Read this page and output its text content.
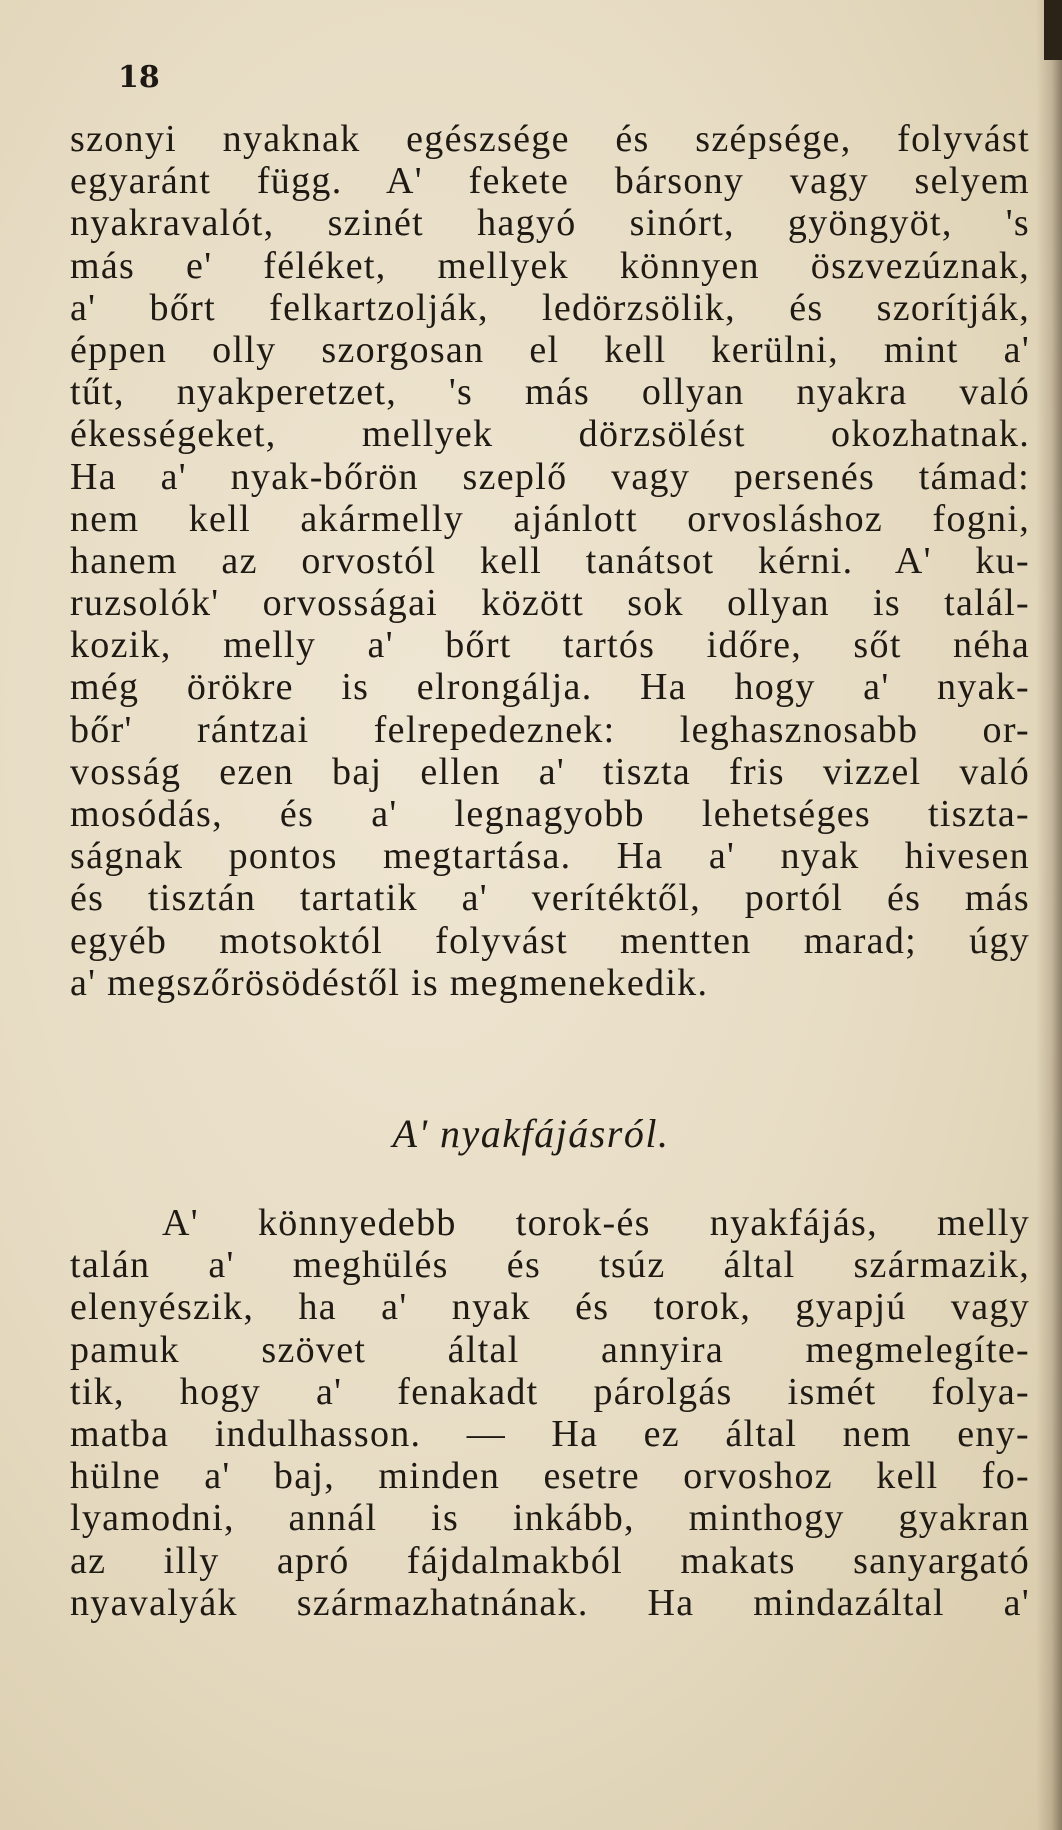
18
szonyi nyaknak egészsége és szépsége, folyvást
egyaránt függ. A' fekete bársony vagy selyem
nyakravalót, szinét hagyó sinórt, gyöngyöt, 's
más e' féléket, mellyek könnyen öszvezúznak,
a' bőrt felkartzolják, ledörzsölik, és szorítják,
éppen olly szorgosan el kell kerülni, mint a'
tűt, nyakperetzet, 's más ollyan nyakra való
ékességeket, mellyek dörzsölést okozhatnak.
Ha a' nyak-bőrön szeplő vagy persenés támad:
nem kell akármelly ajánlott orvosláshoz fogni,
hanem az orvostól kell tanátsot kérni. A' ku-
ruzsolók' orvosságai között sok ollyan is talál-
kozik, melly a' bőrt tartós időre, sőt néha
még örökre is elrongálja. Ha hogy a' nyak-
bőr' rántzai felrepedeznek: leghasznosabb or-
vosság ezen baj ellen a' tiszta fris vizzel való
mosódás, és a' legnagyobb lehetséges tiszta-
ságnak pontos megtartása. Ha a' nyak hivesen
és tisztán tartatik a' verítéktől, portól és más
egyéb motsoktól folyvást mentten marad; úgy
a' megszőrösödéstől is megmenekedik.
A' nyakfájásról.
A' könnyedebb torok-és nyakfájás, melly
talán a' meghülés és tsúz által származik,
elenyészik, ha a' nyak és torok, gyapjú vagy
pamuk szövet által annyira megmelegíte-
tik, hogy a' fenakadt párolgás ismét folya-
matba indulhasson. — Ha ez által nem eny-
hülne a' baj, minden esetre orvoshoz kell fo-
lyamodni, annál is inkább, minthogy gyakran
az illy apró fájdalmakból makats sanyargató
nyavalyák származhatnának. Ha mindazáltal a'
